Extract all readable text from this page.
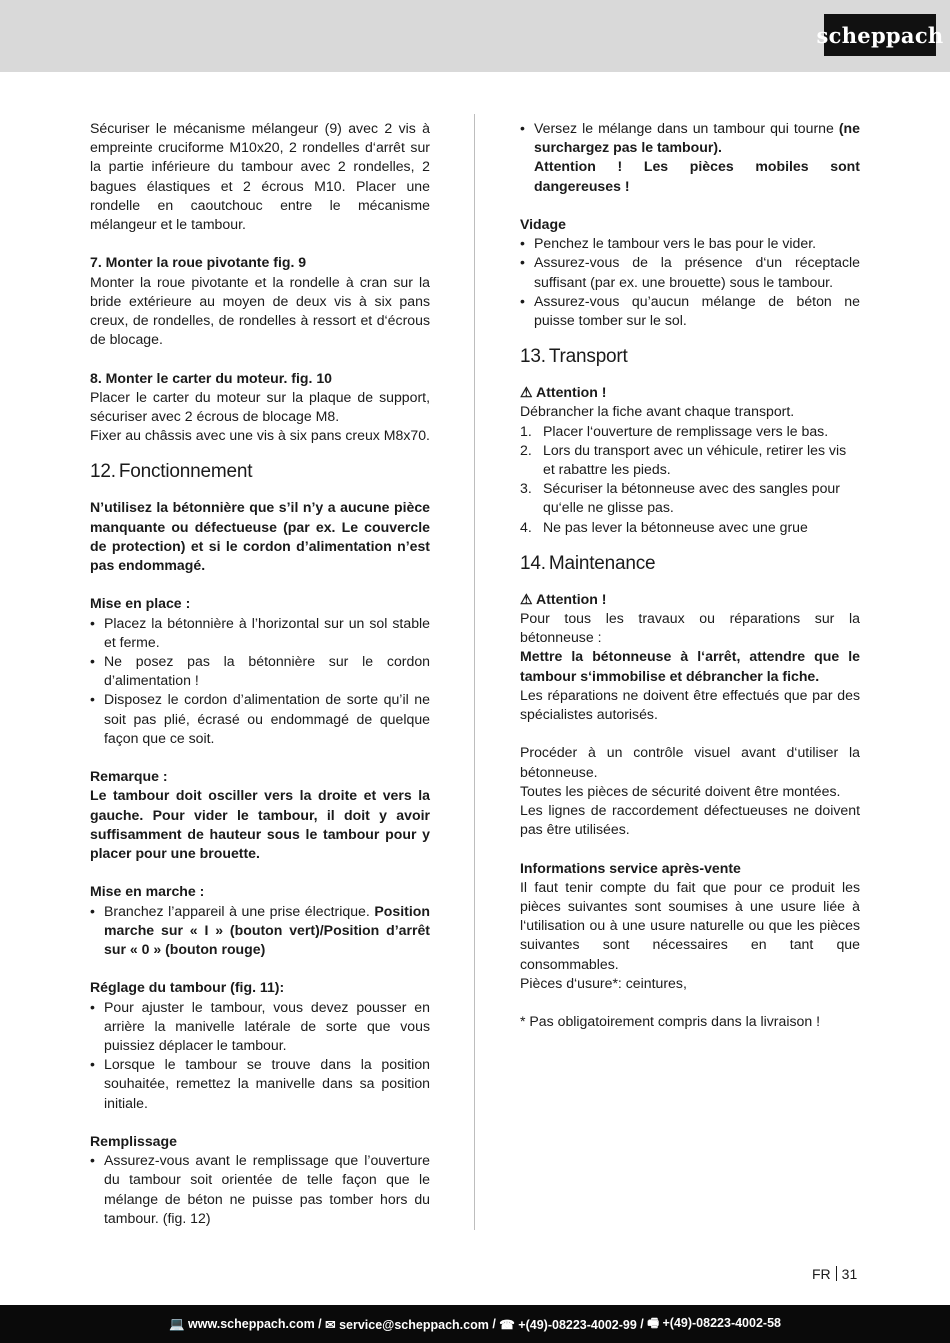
scheppach

Sécuriser le mécanisme mélangeur (9) avec 2 vis à empreinte cruciforme M10x20, 2 rondelles d‘arrêt sur la partie inférieure du tambour avec 2 rondelles, 2 bagues élastiques et 2 écrous M10. Placer une rondelle en caoutchouc entre le mécanisme mélangeur et le tambour.

7. Monter la roue pivotante fig. 9

Monter la roue pivotante et la rondelle à cran sur la bride extérieure au moyen de deux vis à six pans creux, de rondelles, de rondelles à ressort et d‘écrous de blocage.

8. Monter le carter du moteur. fig. 10

Placer le carter du moteur sur la plaque de support, sécuriser avec 2 écrous de blocage M8.

Fixer au châssis avec une vis à six pans creux M8x70.

12. Fonctionnement

N’utilisez la bétonnière que s’il n’y a aucune pièce manquante ou défectueuse (par ex. Le couvercle de protection) et si le cordon d’alimentation n’est pas endommagé.

Mise en place :
• Placez la bétonnière à l’horizontal sur un sol stable et ferme.
• Ne posez pas la bétonnière sur le cordon d’alimentation !
• Disposez le cordon d’alimentation de sorte qu’il ne soit pas plié, écrasé ou endommagé de quelque façon que ce soit.
Remarque :

Le tambour doit osciller vers la droite et vers la gauche. Pour vider le tambour, il doit y avoir suffisamment de hauteur sous le tambour pour y placer pour une brouette.

Mise en marche :
• Branchez l’appareil à une prise électrique. Position marche sur « I » (bouton vert)/Position d’arrêt sur « 0 » (bouton rouge)
Réglage du tambour (fig. 11):
• Pour ajuster le tambour, vous devez pousser en arrière la manivelle latérale de sorte que vous puissiez déplacer le tambour.
• Lorsque le tambour se trouve dans la position souhaitée, remettez la manivelle dans sa position initiale.
Remplissage
• Assurez-vous avant le remplissage que l’ouverture du tambour soit orientée de telle façon que le mélange de béton ne puisse pas tomber hors du tambour. (fig. 12)
• Versez le mélange dans un tambour qui tourne (ne surchargez pas le tambour).

Attention ! Les pièces mobiles sont dangereuses !

Vidage
• Penchez le tambour vers le bas pour le vider.
• Assurez-vous de la présence d‘un réceptacle suffisant (par ex. une brouette) sous le tambour.
• Assurez-vous qu’aucun mélange de béton ne puisse tomber sur le sol.
13. Transport
⚠ Attention !

Débrancher la fiche avant chaque transport.

1. Placer l‘ouverture de remplissage vers le bas.
2. Lors du transport avec un véhicule, retirer les vis et rabattre les pieds.
3. Sécuriser la bétonneuse avec des sangles pour qu‘elle ne glisse pas.
4. Ne pas lever la bétonneuse avec une grue
14. Maintenance
⚠ Attention !

Pour tous les travaux ou réparations sur la bétonneuse :

Mettre la bétonneuse à l‘arrêt, attendre que le tambour s‘immobilise et débrancher la fiche.

Les réparations ne doivent être effectués que par des spécialistes autorisés.

Procéder à un contrôle visuel avant d‘utiliser la bétonneuse.

Toutes les pièces de sécurité doivent être montées.

Les lignes de raccordement défectueuses ne doivent pas être utilisées.

Informations service après-vente

Il faut tenir compte du fait que pour ce produit les pièces suivantes sont soumises à une usure liée à l‘utilisation ou à une usure naturelle ou que les pièces suivantes sont nécessaires en tant que consommables.

Pièces d‘usure*: ceintures,

* Pas obligatoirement compris dans la livraison !

FR 31
💻 www.scheppach.com / ✉ service@scheppach.com / ☎ +(49)-08223-4002-99 / 🖷 +(49)-08223-4002-58
